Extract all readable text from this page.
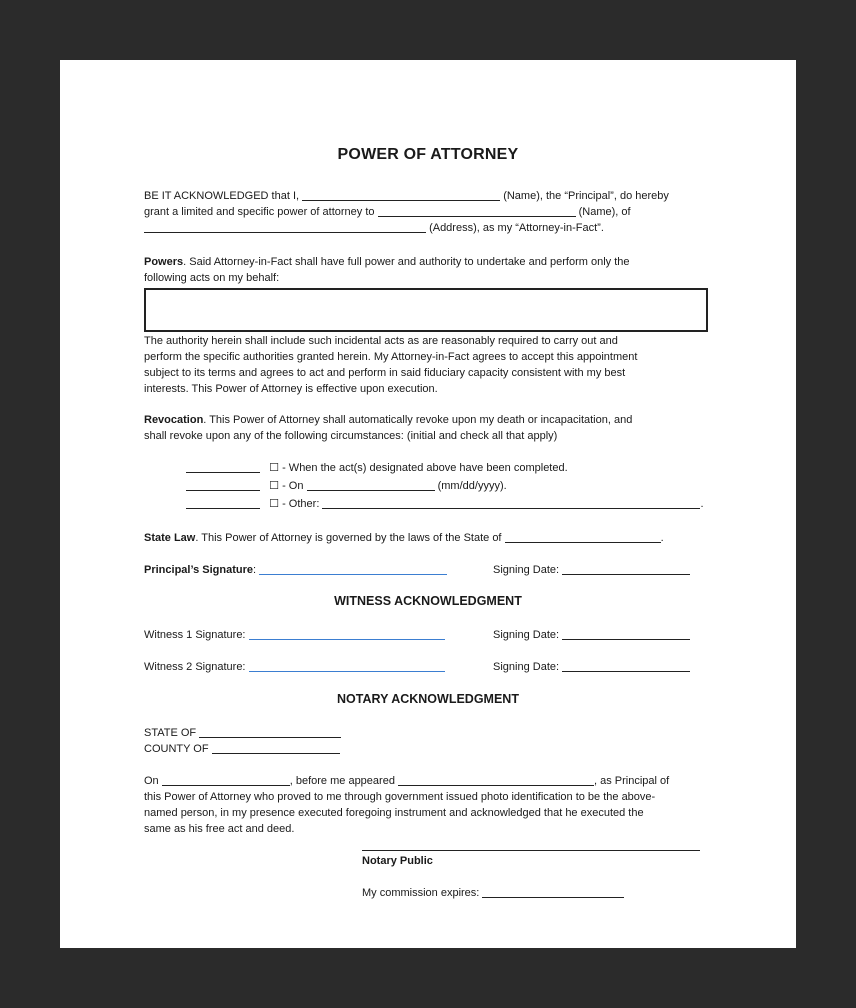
POWER OF ATTORNEY

BE IT ACKNOWLEDGED that I,	(Name), the “Principal”, do hereby

grant a limited and specific power of attorney to	(Name), of

(Address), as my “Attorney-in-Fact”.

Powers. Said Attorney-in-Fact shall have full power and authority to undertake and perform only the

following acts on my behalf:

The authority herein shall include such incidental acts as are reasonably required to carry out and

perform the specific authorities granted herein. My Attorney-in-Fact agrees to accept this appointment

subject to its terms and agrees to act and perform in said fiduciary capacity consistent with my best

interests. This Power of Attorney is effective upon execution.

Revocation. This Power of Attorney shall automatically revoke upon my death or incapacitation, and

shall revoke upon any of the following circumstances: (initial and check all that apply)

☐ - When the act(s) designated above have been completed.
☐ - On	(mm/dd/yyyy).
☐ - Other:	.
State Law. This Power of Attorney is governed by the laws of the State of	.
Principal’s Signature:	Signing Date:
WITNESS ACKNOWLEDGMENT
Witness 1 Signature:	Signing Date:
Witness 2 Signature:	Signing Date:
NOTARY ACKNOWLEDGMENT
STATE OF
COUNTY OF

On	, before me appeared	, as Principal of

this Power of Attorney who proved to me through government issued photo identification to be the above-

named person, in my presence executed foregoing instrument and acknowledged that he executed the

same as his free act and deed.

Notary Public
My commission expires:
